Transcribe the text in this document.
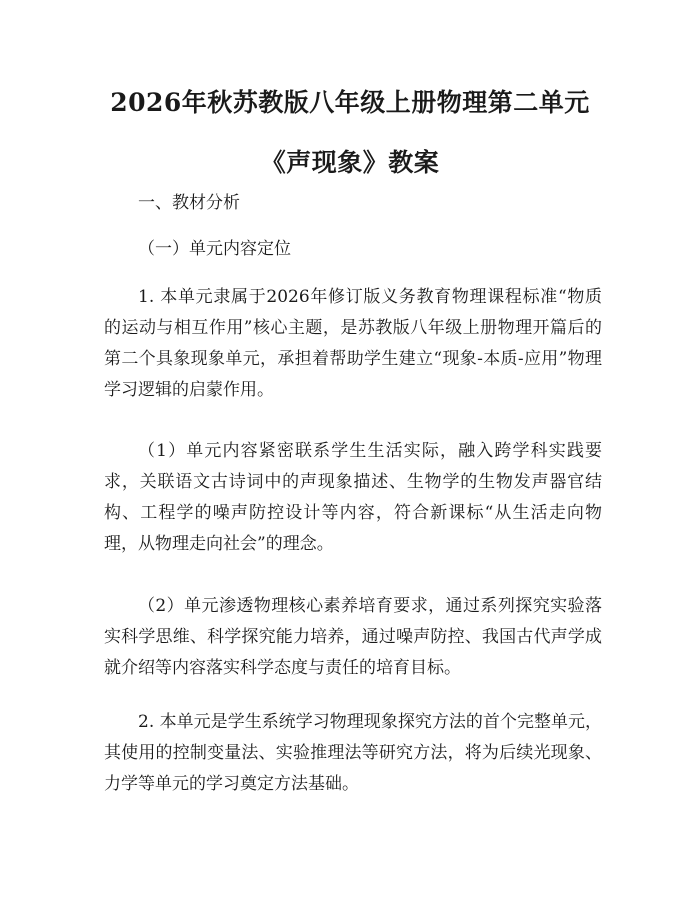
2026年秋苏教版八年级上册物理第二单元
《声现象》教案

一、教材分析

（一）单元内容定位

1. 本单元隶属于2026年修订版义务教育物理课程标准“物质的运动与相互作用”核心主题，是苏教版八年级上册物理开篇后的第二个具象现象单元，承担着帮助学生建立“现象-本质-应用”物理学习逻辑的启蒙作用。

（1）单元内容紧密联系学生生活实际，融入跨学科实践要求，关联语文古诗词中的声现象描述、生物学的生物发声器官结构、工程学的噪声防控设计等内容，符合新课标“从生活走向物理，从物理走向社会”的理念。

（2）单元渗透物理核心素养培育要求，通过系列探究实验落实科学思维、科学探究能力培养，通过噪声防控、我国古代声学成就介绍等内容落实科学态度与责任的培育目标。

2. 本单元是学生系统学习物理现象探究方法的首个完整单元，其使用的控制变量法、实验推理法等研究方法，将为后续光现象、力学等单元的学习奠定方法基础。
